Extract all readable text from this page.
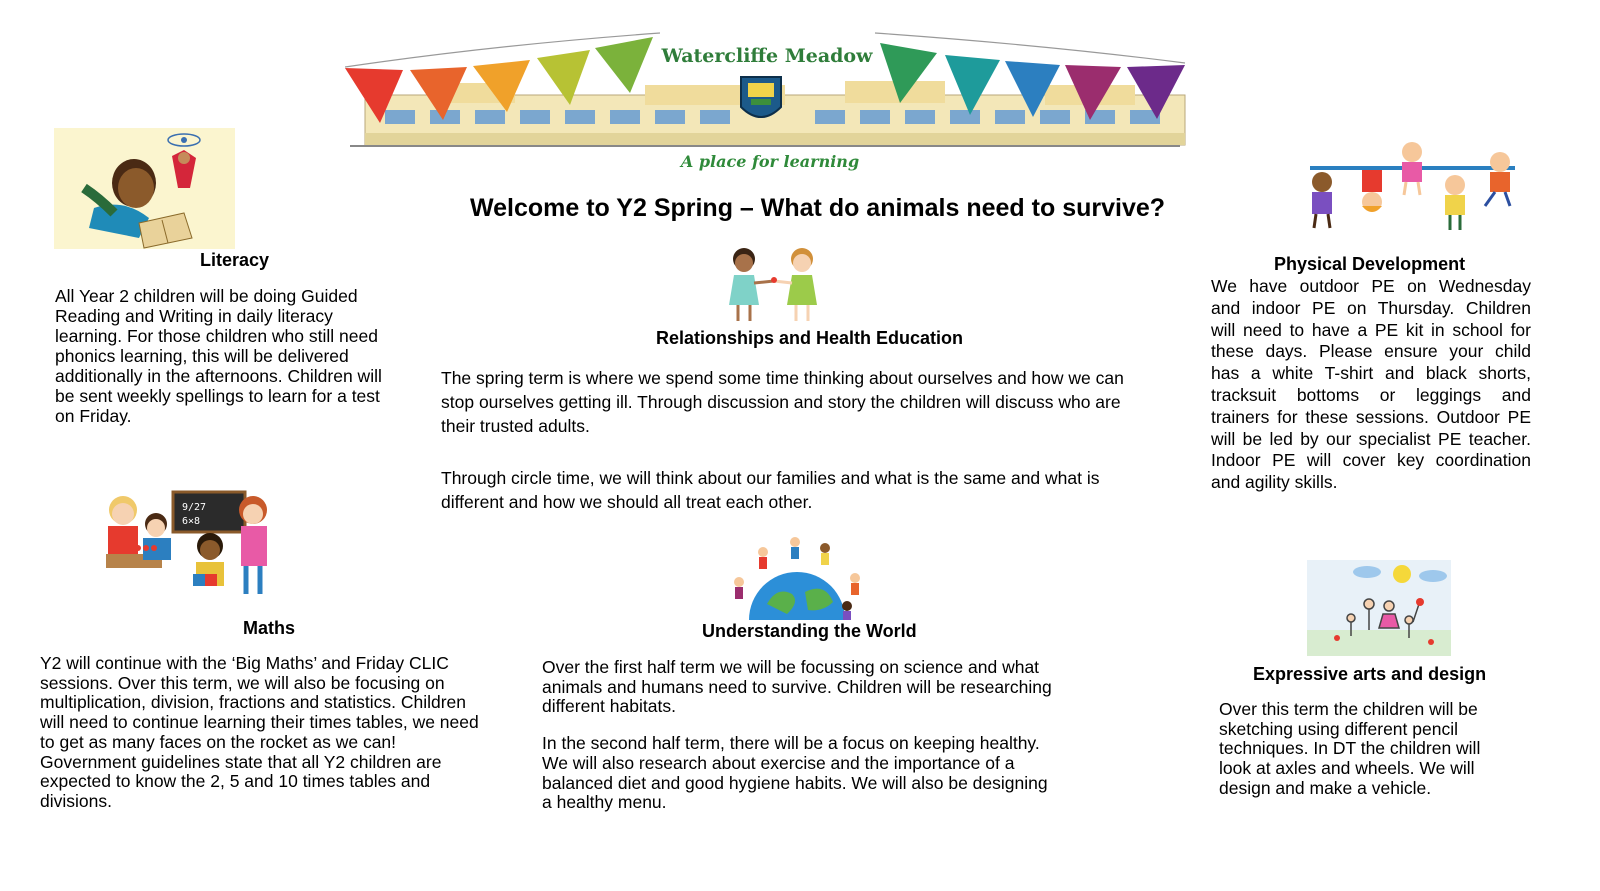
Watercliffe Meadow
A place for learning
Welcome to Y2 Spring – What do animals need to survive?
Literacy
All Year 2 children will be doing Guided
Reading and Writing in daily literacy
learning. For those children who still need
phonics learning, this will be delivered
additionally in the afternoons. Children will
be sent weekly spellings to learn for a test
on Friday.
Relationships and Health Education
The spring term is where we spend some time thinking about ourselves and how we can
stop ourselves getting ill. Through discussion and story the children will discuss who are
their trusted adults.
Through circle time, we will think about our families and what is the same and what is
different and how we should all treat each other.
Physical Development
We have outdoor PE on Wednesday
and indoor PE on Thursday. Children
will need to have a PE kit in school for
these days. Please ensure your child
has a white T-shirt and black shorts,
tracksuit bottoms or leggings and
trainers for these sessions. Outdoor PE
will be led by our specialist PE teacher.
Indoor PE will cover key coordination
and agility skills.
9/27 6×8
Maths
Y2 will continue with the ‘Big Maths’ and Friday CLIC
sessions. Over this term, we will also be focusing on
multiplication, division, fractions and statistics. Children
will need to continue learning their times tables, we need
to get as many faces on the rocket as we can!
Government guidelines state that all Y2 children are
expected to know the 2, 5 and 10 times tables and
divisions.
Understanding the World
Over the first half term we will be focussing on science and what
animals and humans need to survive. Children will be researching
different habitats.
In the second half term, there will be a focus on keeping healthy.
We will also research about exercise and the importance of a
balanced diet and good hygiene habits. We will also be designing
a healthy menu.
Expressive arts and design
Over this term the children will be
sketching using different pencil
techniques. In DT the children will
look at axles and wheels. We will
design and make a vehicle.
